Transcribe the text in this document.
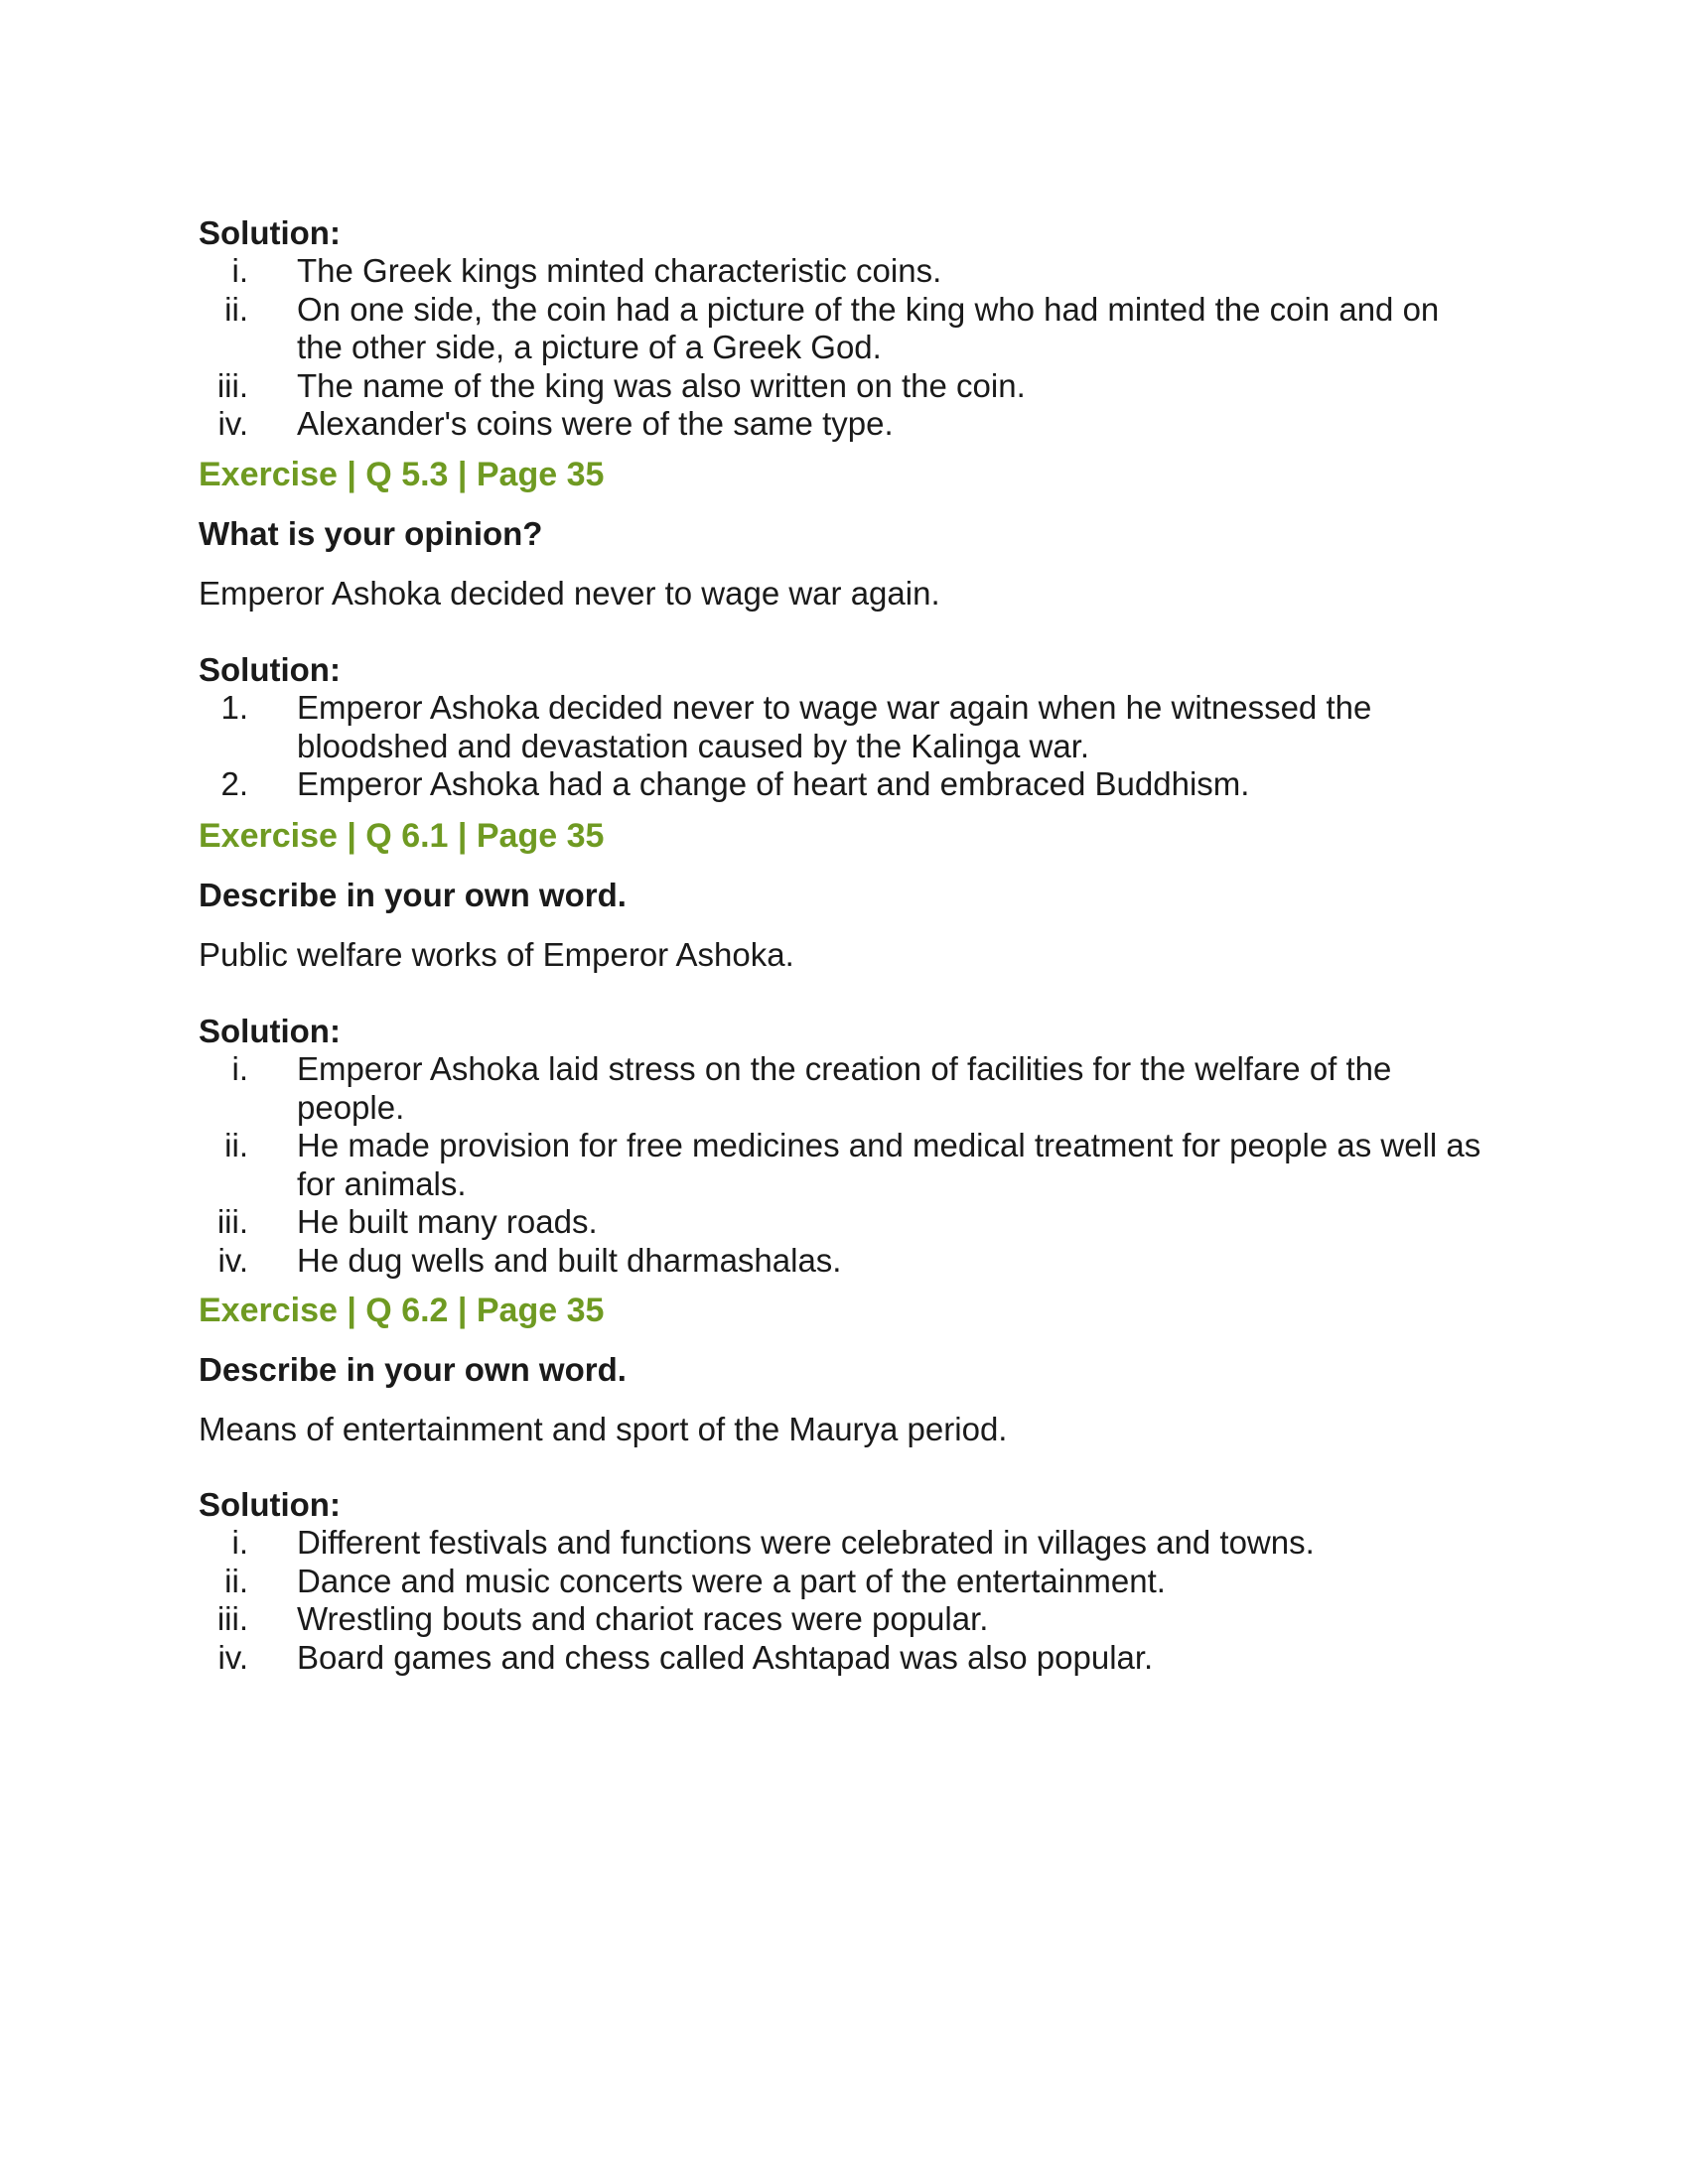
Solution:

i. The Greek kings minted characteristic coins.
ii. On one side, the coin had a picture of the king who had minted the coin and on the other side, a picture of a Greek God.
iii. The name of the king was also written on the coin.
iv. Alexander's coins were of the same type.

Exercise | Q 5.3 | Page 35

What is your opinion?

Emperor Ashoka decided never to wage war again.

Solution:

1. Emperor Ashoka decided never to wage war again when he witnessed the bloodshed and devastation caused by the Kalinga war.
2. Emperor Ashoka had a change of heart and embraced Buddhism.

Exercise | Q 6.1 | Page 35

Describe in your own word.

Public welfare works of Emperor Ashoka.

Solution:

i. Emperor Ashoka laid stress on the creation of facilities for the welfare of the people.
ii. He made provision for free medicines and medical treatment for people as well as for animals.
iii. He built many roads.
iv. He dug wells and built dharmashalas.

Exercise | Q 6.2 | Page 35

Describe in your own word.

Means of entertainment and sport of the Maurya period.

Solution:

i. Different festivals and functions were celebrated in villages and towns.
ii. Dance and music concerts were a part of the entertainment.
iii. Wrestling bouts and chariot races were popular.
iv. Board games and chess called Ashtapad was also popular.
